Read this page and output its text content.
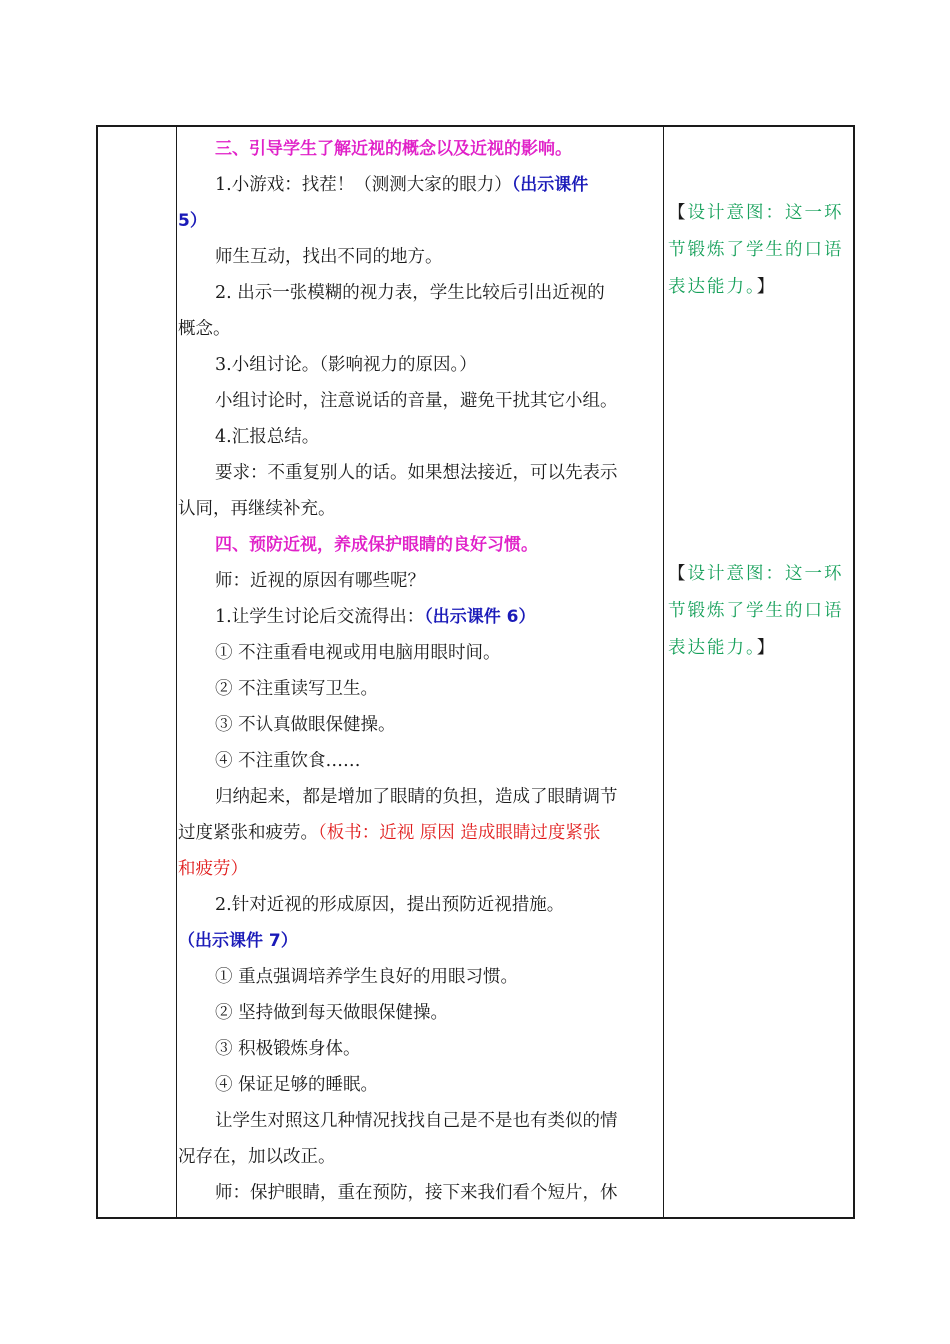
三、引导学生了解近视的概念以及近视的影响。
1.小游戏：找茬！（测测大家的眼力）（出示课件
5）
师生互动，找出不同的地方。
2. 出示一张模糊的视力表，学生比较后引出近视的
概念。
3.小组讨论。（影响视力的原因。）
小组讨论时，注意说话的音量，避免干扰其它小组。
4.汇报总结。
要求：不重复别人的话。如果想法接近，可以先表示
认同，再继续补充。
四、预防近视，养成保护眼睛的良好习惯。
师：近视的原因有哪些呢？
1.让学生讨论后交流得出：（出示课件 6）
① 不注重看电视或用电脑用眼时间。
② 不注重读写卫生。
③ 不认真做眼保健操。
④ 不注重饮食……
归纳起来，都是增加了眼睛的负担，造成了眼睛调节
过度紧张和疲劳。（板书：近视 原因 造成眼睛过度紧张
和疲劳）
2.针对近视的形成原因，提出预防近视措施。
（出示课件 7）
① 重点强调培养学生良好的用眼习惯。
② 坚持做到每天做眼保健操。
③ 积极锻炼身体。
④ 保证足够的睡眠。
让学生对照这几种情况找找自己是不是也有类似的情
况存在，加以改正。
师：保护眼睛，重在预防，接下来我们看个短片，休
【设计意图：这一环
节锻炼了学生的口语
表达能力。】
【设计意图：这一环
节锻炼了学生的口语
表达能力。】
